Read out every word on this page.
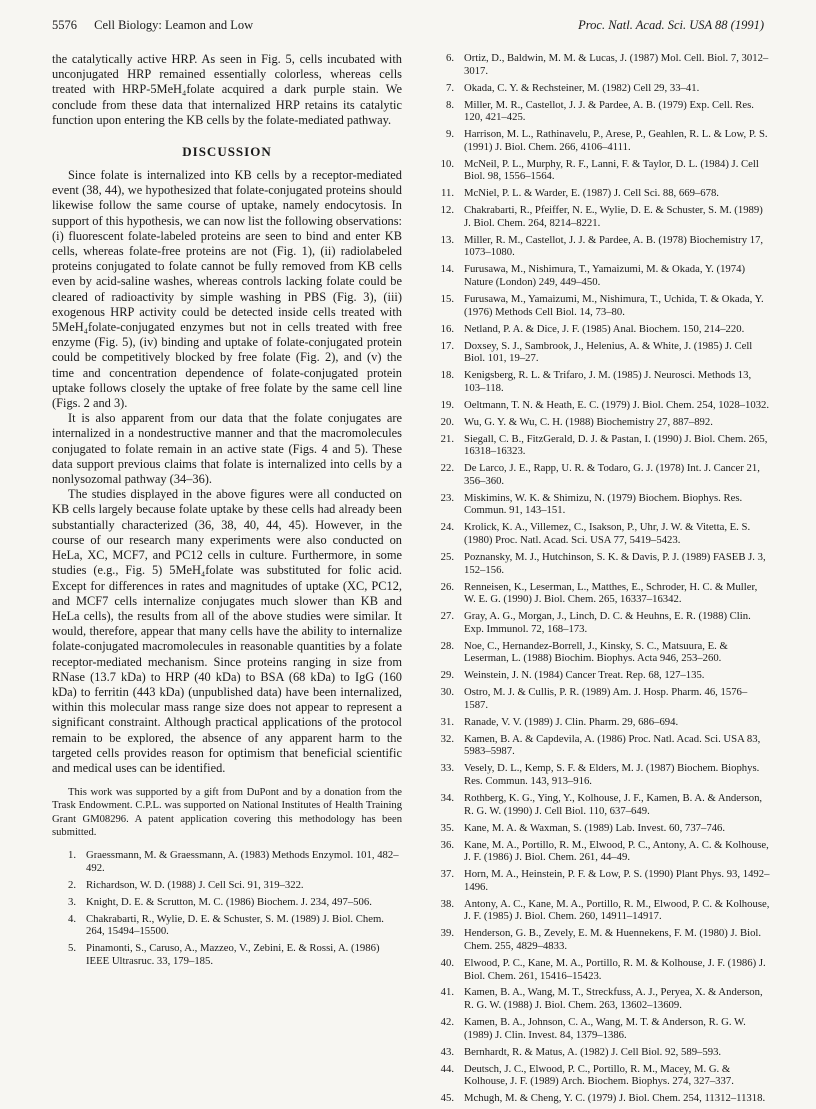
5576 Cell Biology: Leamon and Low	Proc. Natl. Acad. Sci. USA 88 (1991)

the catalytically active HRP. As seen in Fig. 5, cells incubated with unconjugated HRP remained essentially colorless, whereas cells treated with HRP-5MeH₄folate acquired a dark purple stain. We conclude from these data that internalized HRP retains its catalytic function upon entering the KB cells by the folate-mediated pathway.

DISCUSSION

Since folate is internalized into KB cells by a receptor-mediated event (38, 44), we hypothesized that folate-conjugated proteins should likewise follow the same course of uptake, namely endocytosis. In support of this hypothesis, we can now list the following observations: (i) fluorescent folate-labeled proteins are seen to bind and enter KB cells, whereas folate-free proteins are not (Fig. 1), (ii) radiolabeled proteins conjugated to folate cannot be fully removed from KB cells even by acid-saline washes, whereas controls lacking folate could be cleared of radioactivity by simple washing in PBS (Fig. 3), (iii) exogenous HRP activity could be detected inside cells treated with 5MeH₄folate-conjugated enzymes but not in cells treated with free enzyme (Fig. 5), (iv) binding and uptake of folate-conjugated protein could be competitively blocked by free folate (Fig. 2), and (v) the time and concentration dependence of folate-conjugated protein uptake follows closely the uptake of free folate by the same cell line (Figs. 2 and 3).

It is also apparent from our data that the folate conjugates are internalized in a nondestructive manner and that the macromolecules conjugated to folate remain in an active state (Figs. 4 and 5). These data support previous claims that folate is internalized into cells by a nonlysozomal pathway (34–36).

The studies displayed in the above figures were all conducted on KB cells largely because folate uptake by these cells had already been substantially characterized (36, 38, 40, 44, 45). However, in the course of our research many experiments were also conducted on HeLa, XC, MCF7, and PC12 cells in culture. Furthermore, in some studies (e.g., Fig. 5) 5MeH₄folate was substituted for folic acid. Except for differences in rates and magnitudes of uptake (XC, PC12, and MCF7 cells internalize conjugates much slower than KB and HeLa cells), the results from all of the above studies were similar. It would, therefore, appear that many cells have the ability to internalize folate-conjugated macromolecules in reasonable quantities by a folate receptor-mediated mechanism. Since proteins ranging in size from RNase (13.7 kDa) to HRP (40 kDa) to BSA (68 kDa) to IgG (160 kDa) to ferritin (443 kDa) (unpublished data) have been internalized, within this molecular mass range size does not appear to represent a significant constraint. Although practical applications of the protocol remain to be explored, the absence of any apparent harm to the targeted cells provides reason for optimism that beneficial scientific and medical uses can be identified.

This work was supported by a gift from DuPont and by a donation from the Trask Endowment. C.P.L. was supported on National Institutes of Health Training Grant GM08296. A patent application covering this methodology has been submitted.

1. Graessmann, M. & Graessmann, A. (1983) Methods Enzymol. 101, 482–492.
2. Richardson, W. D. (1988) J. Cell Sci. 91, 319–322.
3. Knight, D. E. & Scrutton, M. C. (1986) Biochem. J. 234, 497–506.
4. Chakrabarti, R., Wylie, D. E. & Schuster, S. M. (1989) J. Biol. Chem. 264, 15494–15500.
5. Pinamonti, S., Caruso, A., Mazzeo, V., Zebini, E. & Rossi, A. (1986) IEEE Ultrasruc. 33, 179–185.
6. Ortiz, D., Baldwin, M. M. & Lucas, J. (1987) Mol. Cell. Biol. 7, 3012–3017.
7. Okada, C. Y. & Rechsteiner, M. (1982) Cell 29, 33–41.
8. Miller, M. R., Castellot, J. J. & Pardee, A. B. (1979) Exp. Cell. Res. 120, 421–425.
9. Harrison, M. L., Rathinavelu, P., Arese, P., Geahlen, R. L. & Low, P. S. (1991) J. Biol. Chem. 266, 4106–4111.
10. McNeil, P. L., Murphy, R. F., Lanni, F. & Taylor, D. L. (1984) J. Cell Biol. 98, 1556–1564.
11. McNiel, P. L. & Warder, E. (1987) J. Cell Sci. 88, 669–678.
12. Chakrabarti, R., Pfeiffer, N. E., Wylie, D. E. & Schuster, S. M. (1989) J. Biol. Chem. 264, 8214–8221.
13. Miller, R. M., Castellot, J. J. & Pardee, A. B. (1978) Biochemistry 17, 1073–1080.
14. Furusawa, M., Nishimura, T., Yamaizumi, M. & Okada, Y. (1974) Nature (London) 249, 449–450.
15. Furusawa, M., Yamaizumi, M., Nishimura, T., Uchida, T. & Okada, Y. (1976) Methods Cell Biol. 14, 73–80.
16. Netland, P. A. & Dice, J. F. (1985) Anal. Biochem. 150, 214–220.
17. Doxsey, S. J., Sambrook, J., Helenius, A. & White, J. (1985) J. Cell Biol. 101, 19–27.
18. Kenigsberg, R. L. & Trifaro, J. M. (1985) J. Neurosci. Methods 13, 103–118.
19. Oeltmann, T. N. & Heath, E. C. (1979) J. Biol. Chem. 254, 1028–1032.
20. Wu, G. Y. & Wu, C. H. (1988) Biochemistry 27, 887–892.
21. Siegall, C. B., FitzGerald, D. J. & Pastan, I. (1990) J. Biol. Chem. 265, 16318–16323.
22. De Larco, J. E., Rapp, U. R. & Todaro, G. J. (1978) Int. J. Cancer 21, 356–360.
23. Miskimins, W. K. & Shimizu, N. (1979) Biochem. Biophys. Res. Commun. 91, 143–151.
24. Krolick, K. A., Villemez, C., Isakson, P., Uhr, J. W. & Vitetta, E. S. (1980) Proc. Natl. Acad. Sci. USA 77, 5419–5423.
25. Poznansky, M. J., Hutchinson, S. K. & Davis, P. J. (1989) FASEB J. 3, 152–156.
26. Renneisen, K., Leserman, L., Matthes, E., Schroder, H. C. & Muller, W. E. G. (1990) J. Biol. Chem. 265, 16337–16342.
27. Gray, A. G., Morgan, J., Linch, D. C. & Heuhns, E. R. (1988) Clin. Exp. Immunol. 72, 168–173.
28. Noe, C., Hernandez-Borrell, J., Kinsky, S. C., Matsuura, E. & Leserman, L. (1988) Biochim. Biophys. Acta 946, 253–260.
29. Weinstein, J. N. (1984) Cancer Treat. Rep. 68, 127–135.
30. Ostro, M. J. & Cullis, P. R. (1989) Am. J. Hosp. Pharm. 46, 1576–1587.
31. Ranade, V. V. (1989) J. Clin. Pharm. 29, 686–694.
32. Kamen, B. A. & Capdevila, A. (1986) Proc. Natl. Acad. Sci. USA 83, 5983–5987.
33. Vesely, D. L., Kemp, S. F. & Elders, M. J. (1987) Biochem. Biophys. Res. Commun. 143, 913–916.
34. Rothberg, K. G., Ying, Y., Kolhouse, J. F., Kamen, B. A. & Anderson, R. G. W. (1990) J. Cell Biol. 110, 637–649.
35. Kane, M. A. & Waxman, S. (1989) Lab. Invest. 60, 737–746.
36. Kane, M. A., Portillo, R. M., Elwood, P. C., Antony, A. C. & Kolhouse, J. F. (1986) J. Biol. Chem. 261, 44–49.
37. Horn, M. A., Heinstein, P. F. & Low, P. S. (1990) Plant Phys. 93, 1492–1496.
38. Antony, A. C., Kane, M. A., Portillo, R. M., Elwood, P. C. & Kolhouse, J. F. (1985) J. Biol. Chem. 260, 14911–14917.
39. Henderson, G. B., Zevely, E. M. & Huennekens, F. M. (1980) J. Biol. Chem. 255, 4829–4833.
40. Elwood, P. C., Kane, M. A., Portillo, R. M. & Kolhouse, J. F. (1986) J. Biol. Chem. 261, 15416–15423.
41. Kamen, B. A., Wang, M. T., Streckfuss, A. J., Peryea, X. & Anderson, R. G. W. (1988) J. Biol. Chem. 263, 13602–13609.
42. Kamen, B. A., Johnson, C. A., Wang, M. T. & Anderson, R. G. W. (1989) J. Clin. Invest. 84, 1379–1386.
43. Bernhardt, R. & Matus, A. (1982) J. Cell Biol. 92, 589–593.
44. Deutsch, J. C., Elwood, P. C., Portillo, R. M., Macey, M. G. & Kolhouse, J. F. (1989) Arch. Biochem. Biophys. 274, 327–337.
45. Mchugh, M. & Cheng, Y. C. (1979) J. Biol. Chem. 254, 11312–11318.
